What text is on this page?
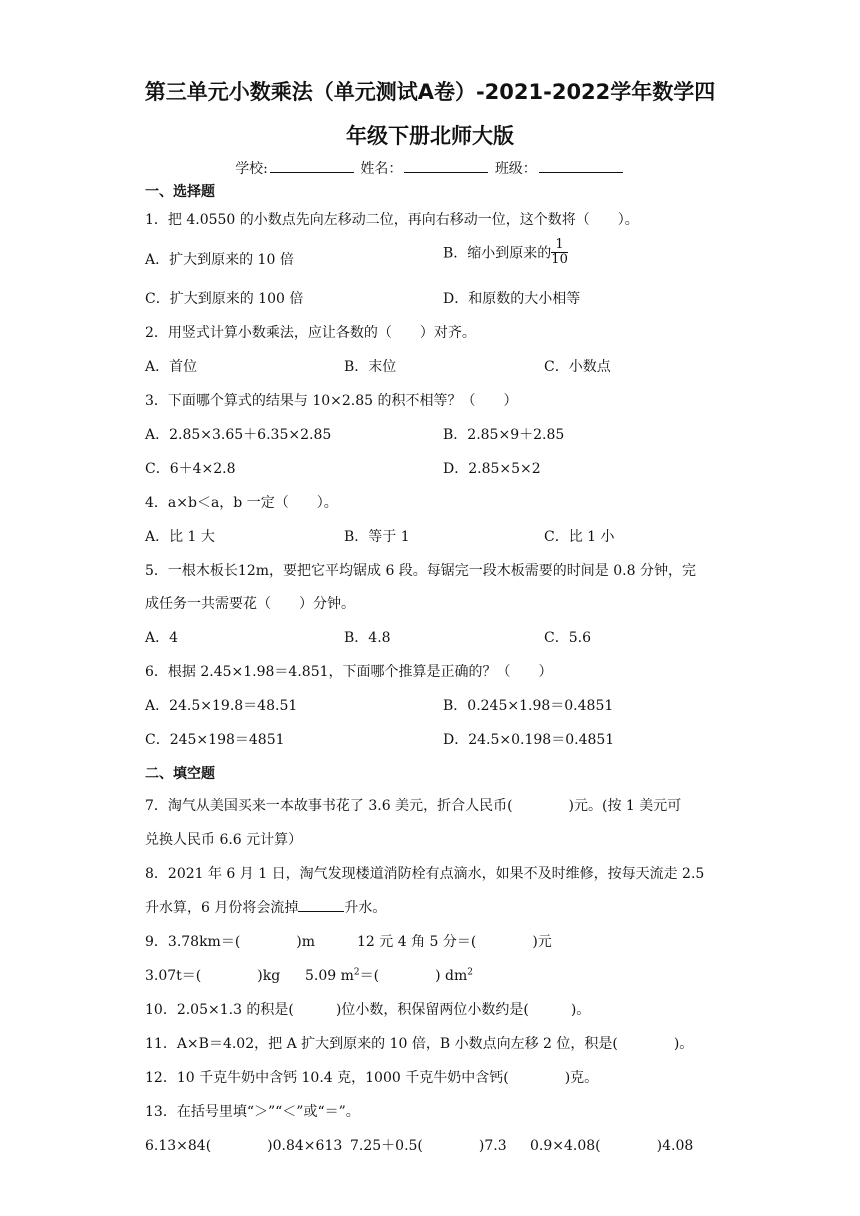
第三单元小数乘法（单元测试A卷）-2021-2022学年数学四
年级下册北师大版
学校:	姓名：	班级：
一、选择题
1．把 4.0550 的小数点先向左移动二位，再向右移动一位，这个数将（　　）。
A．扩大到原来的 10 倍	B．缩小到原来的 $\frac{1}{10}$
C．扩大到原来的 100 倍	D．和原数的大小相等
2．用竖式计算小数乘法，应让各数的（　　）对齐。
A．首位	B．末位	C．小数点
3．下面哪个算式的结果与 10×2.85 的积不相等？（　　）
A．2.85×3.65＋6.35×2.85	B．2.85×9＋2.85
C．6＋4×2.8	D．2.85×5×2
4．a×b＜a，b 一定（　　）。
A．比 1 大	B．等于 1	C．比 1 小
5．一根木板长12m，要把它平均锯成 6 段。每锯完一段木板需要的时间是 0.8 分钟，完
成任务一共需要花（　　）分钟。
A．4	B．4.8	C．5.6
6．根据 2.45×1.98＝4.851，下面哪个推算是正确的？（　　）
A．24.5×19.8＝48.51	B．0.245×1.98＝0.4851
C．245×198＝4851	D．24.5×0.198＝0.4851
二、填空题
7．淘气从美国买来一本故事书花了 3.6 美元，折合人民币(　　　　)元。(按 1 美元可
兑换人民币 6.6 元计算）
8．2021 年 6 月 1 日，淘气发现楼道消防栓有点滴水，如果不及时维修，按每天流走 2.5
升水算，6 月份将会流掉	升水。
9．3.78km＝(　　　　)m	12 元 4 角 5 分＝(　　　　)元
3.07t＝(　　　　)kg 5.09 $m^2=$(　　　　) $dm^2$
10．2.05×1.3 的积是(　　　)位小数，积保留两位小数约是(　　　)。
11．A×B＝4.02，把 A 扩大到原来的 10 倍，B 小数点向左移 2 位，积是(　　　　)。
12．10 千克牛奶中含钙 10.4 克，1000 千克牛奶中含钙(　　　　)克。
13．在括号里填“＞”“＜”或“＝”。
6.13×84(　　　　)0.84×613 7.25＋0.5(　　　　)7.3 0.9×4.08(　　　　)4.08
